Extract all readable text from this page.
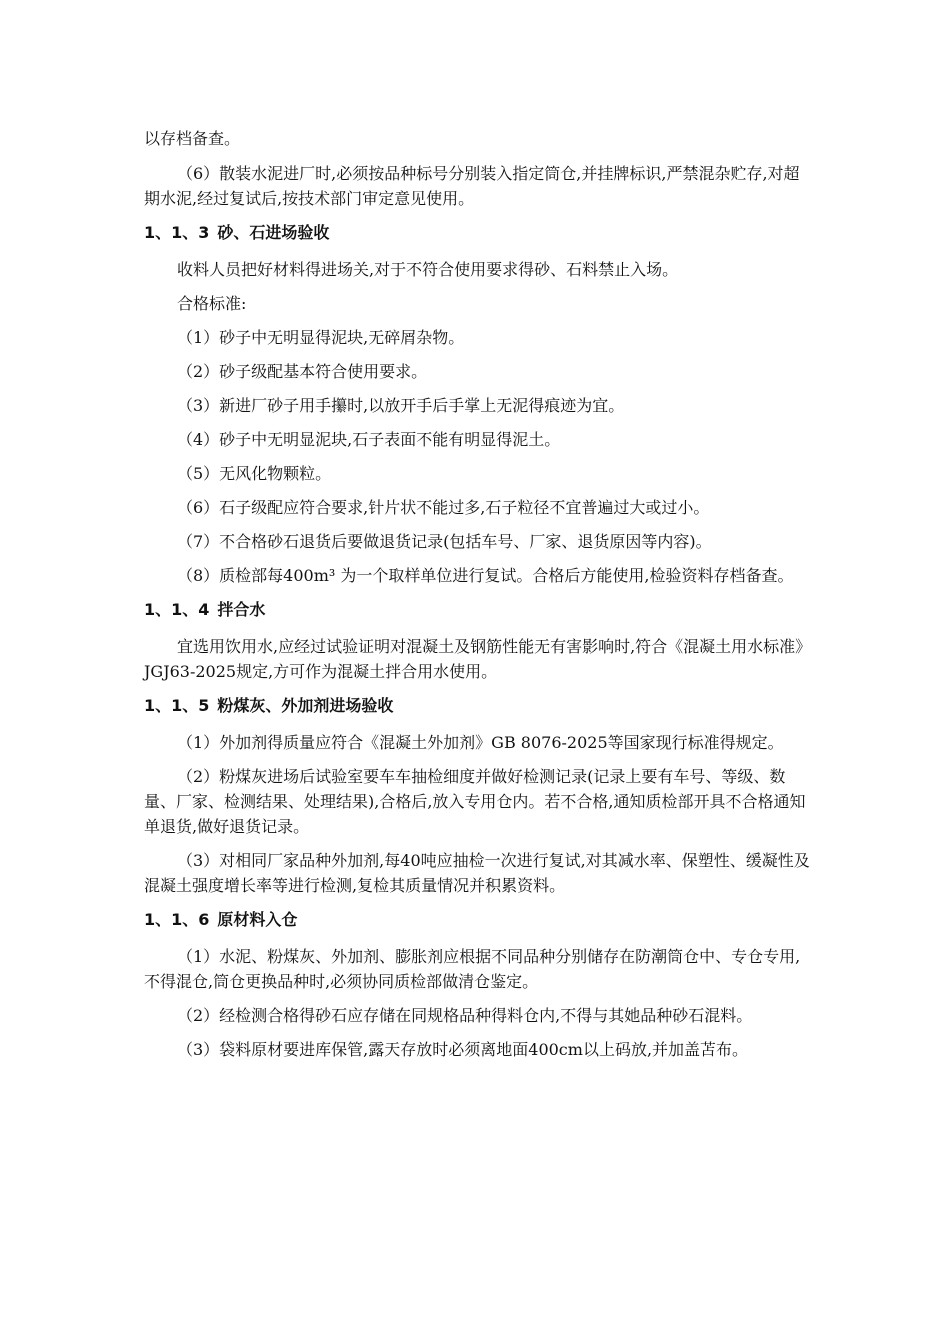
以存档备查。

（6）散装水泥进厂时,必须按品种标号分别装入指定筒仓,并挂牌标识,严禁混杂贮存,对超期水泥,经过复试后,按技术部门审定意见使用。

1、1、3 砂、石进场验收

收料人员把好材料得进场关,对于不符合使用要求得砂、石料禁止入场。

合格标准:

（1）砂子中无明显得泥块,无碎屑杂物。

（2）砂子级配基本符合使用要求。

（3）新进厂砂子用手攥时,以放开手后手掌上无泥得痕迹为宜。

（4）砂子中无明显泥块,石子表面不能有明显得泥土。

（5）无风化物颗粒。

（6）石子级配应符合要求,针片状不能过多,石子粒径不宜普遍过大或过小。

（7）不合格砂石退货后要做退货记录(包括车号、厂家、退货原因等内容)。

（8）质检部每400m³ 为一个取样单位进行复试。合格后方能使用,检验资料存档备查。

1、1、4 拌合水

宜选用饮用水,应经过试验证明对混凝土及钢筋性能无有害影响时,符合《混凝土用水标准》JGJ63-2025规定,方可作为混凝土拌合用水使用。

1、1、5 粉煤灰、外加剂进场验收

（1）外加剂得质量应符合《混凝土外加剂》GB 8076-2025等国家现行标准得规定。

（2）粉煤灰进场后试验室要车车抽检细度并做好检测记录(记录上要有车号、等级、数量、厂家、检测结果、处理结果),合格后,放入专用仓内。若不合格,通知质检部开具不合格通知单退货,做好退货记录。

（3）对相同厂家品种外加剂,每40吨应抽检一次进行复试,对其减水率、保塑性、缓凝性及混凝土强度增长率等进行检测,复检其质量情况并积累资料。

1、1、6 原材料入仓

（1）水泥、粉煤灰、外加剂、膨胀剂应根据不同品种分别储存在防潮筒仓中、专仓专用,不得混仓,筒仓更换品种时,必须协同质检部做清仓鉴定。

（2）经检测合格得砂石应存储在同规格品种得料仓内,不得与其她品种砂石混料。

（3）袋料原材要进库保管,露天存放时必须离地面400cm以上码放,并加盖苫布。
